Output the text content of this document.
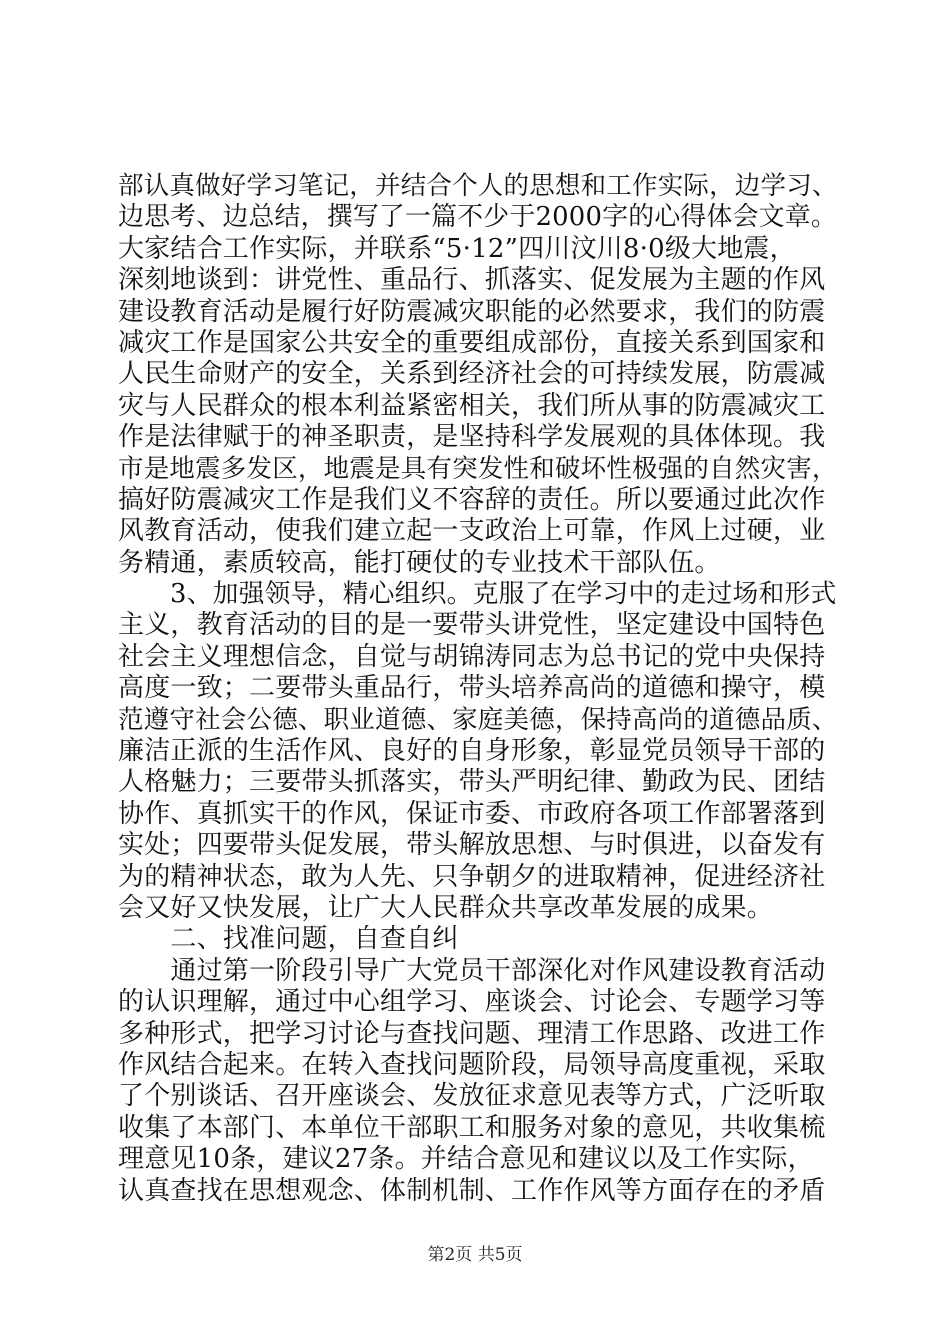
部认真做好学习笔记，并结合个人的思想和工作实际，边学习、
边思考、边总结，撰写了一篇不少于2000字的心得体会文章。
大家结合工作实际，并联系“5·12”四川汶川8·0级大地震，
深刻地谈到：讲党性、重品行、抓落实、促发展为主题的作风
建设教育活动是履行好防震减灾职能的必然要求，我们的防震
减灾工作是国家公共安全的重要组成部份，直接关系到国家和
人民生命财产的安全，关系到经济社会的可持续发展，防震减
灾与人民群众的根本利益紧密相关，我们所从事的防震减灾工
作是法律赋于的神圣职责，是坚持科学发展观的具体体现。我
市是地震多发区，地震是具有突发性和破坏性极强的自然灾害，
搞好防震减灾工作是我们义不容辞的责任。所以要通过此次作
风教育活动，使我们建立起一支政治上可靠，作风上过硬，业
务精通，素质较高，能打硬仗的专业技术干部队伍。
　　3、加强领导，精心组织。克服了在学习中的走过场和形式
主义，教育活动的目的是一要带头讲党性，坚定建设中国特色
社会主义理想信念，自觉与胡锦涛同志为总书记的党中央保持
高度一致；二要带头重品行，带头培养高尚的道德和操守，模
范遵守社会公德、职业道德、家庭美德，保持高尚的道德品质、
廉洁正派的生活作风、良好的自身形象，彰显党员领导干部的
人格魅力；三要带头抓落实，带头严明纪律、勤政为民、团结
协作、真抓实干的作风，保证市委、市政府各项工作部署落到
实处；四要带头促发展，带头解放思想、与时俱进，以奋发有
为的精神状态，敢为人先、只争朝夕的进取精神，促进经济社
会又好又快发展，让广大人民群众共享改革发展的成果。
　　二、找准问题，自查自纠
　　通过第一阶段引导广大党员干部深化对作风建设教育活动
的认识理解，通过中心组学习、座谈会、讨论会、专题学习等
多种形式，把学习讨论与查找问题、理清工作思路、改进工作
作风结合起来。在转入查找问题阶段，局领导高度重视，采取
了个别谈话、召开座谈会、发放征求意见表等方式，广泛听取
收集了本部门、本单位干部职工和服务对象的意见，共收集梳
理意见10条，建议27条。并结合意见和建议以及工作实际，
认真查找在思想观念、体制机制、工作作风等方面存在的矛盾
第2页 共5页
